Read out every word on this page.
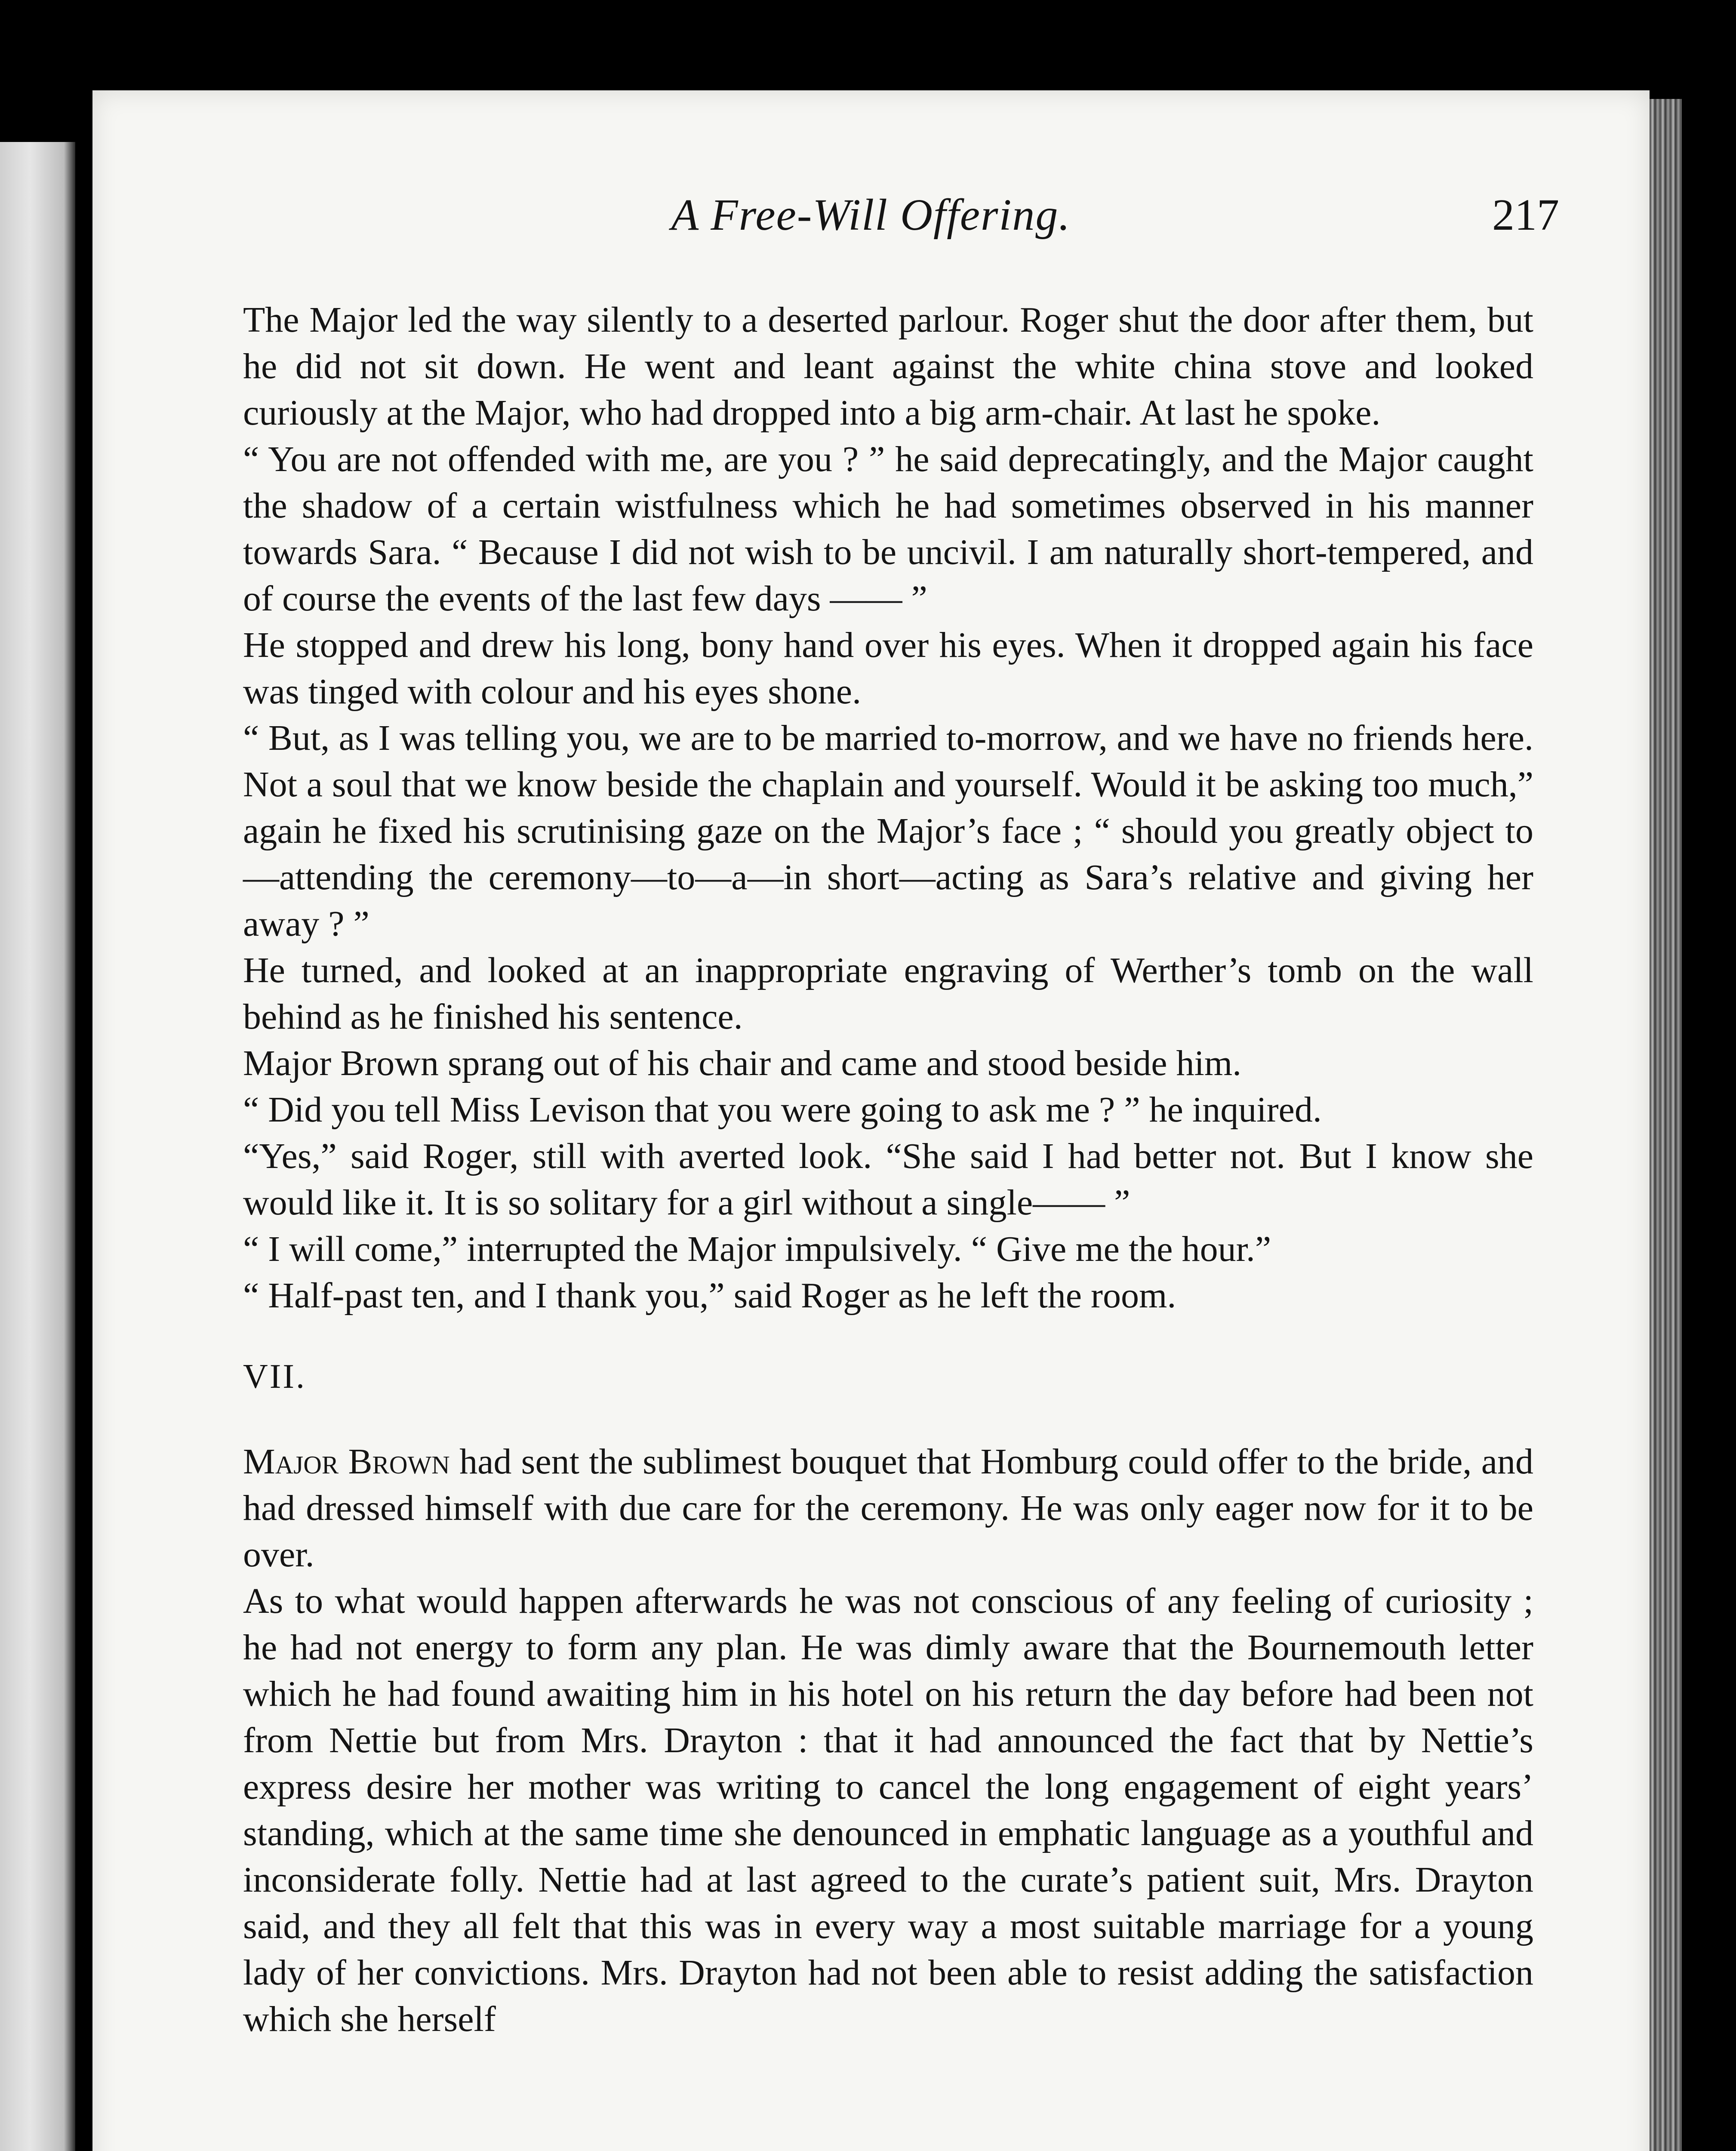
A Free-Will Offering.	217

The Major led the way silently to a deserted parlour. Roger shut the door after them, but he did not sit down. He went and leant against the white china stove and looked curiously at the Major, who had dropped into a big arm-chair. At last he spoke.

“ You are not offended with me, are you ? ” he said deprecatingly, and the Major caught the shadow of a certain wistfulness which he had sometimes observed in his manner towards Sara. “ Because I did not wish to be uncivil. I am naturally short-tempered, and of course the events of the last few days —— ”

He stopped and drew his long, bony hand over his eyes. When it dropped again his face was tinged with colour and his eyes shone.

“ But, as I was telling you, we are to be married to-morrow, and we have no friends here. Not a soul that we know beside the chaplain and yourself. Would it be asking too much,” again he fixed his scrutinising gaze on the Major’s face ; “ should you greatly object to —attending the ceremony—to—a—in short—acting as Sara’s relative and giving her away ? ”

He turned, and looked at an inappropriate engraving of Werther’s tomb on the wall behind as he finished his sentence.

Major Brown sprang out of his chair and came and stood beside him.

“ Did you tell Miss Levison that you were going to ask me ? ” he inquired.

“Yes,” said Roger, still with averted look. “She said I had better not. But I know she would like it. It is so solitary for a girl without a single—— ”

“ I will come,” interrupted the Major impulsively. “ Give me the hour.”

“ Half-past ten, and I thank you,” said Roger as he left the room.

VII.

Major Brown had sent the sublimest bouquet that Homburg could offer to the bride, and had dressed himself with due care for the ceremony. He was only eager now for it to be over.

As to what would happen afterwards he was not conscious of any feeling of curiosity ; he had not energy to form any plan. He was dimly aware that the Bournemouth letter which he had found awaiting him in his hotel on his return the day before had been not from Nettie but from Mrs. Drayton : that it had announced the fact that by Nettie’s express desire her mother was writing to cancel the long engagement of eight years’ standing, which at the same time she denounced in emphatic language as a youthful and inconsiderate folly. Nettie had at last agreed to the curate’s patient suit, Mrs. Drayton said, and they all felt that this was in every way a most suitable marriage for a young lady of her convictions. Mrs. Drayton had not been able to resist adding the satisfaction which she herself
